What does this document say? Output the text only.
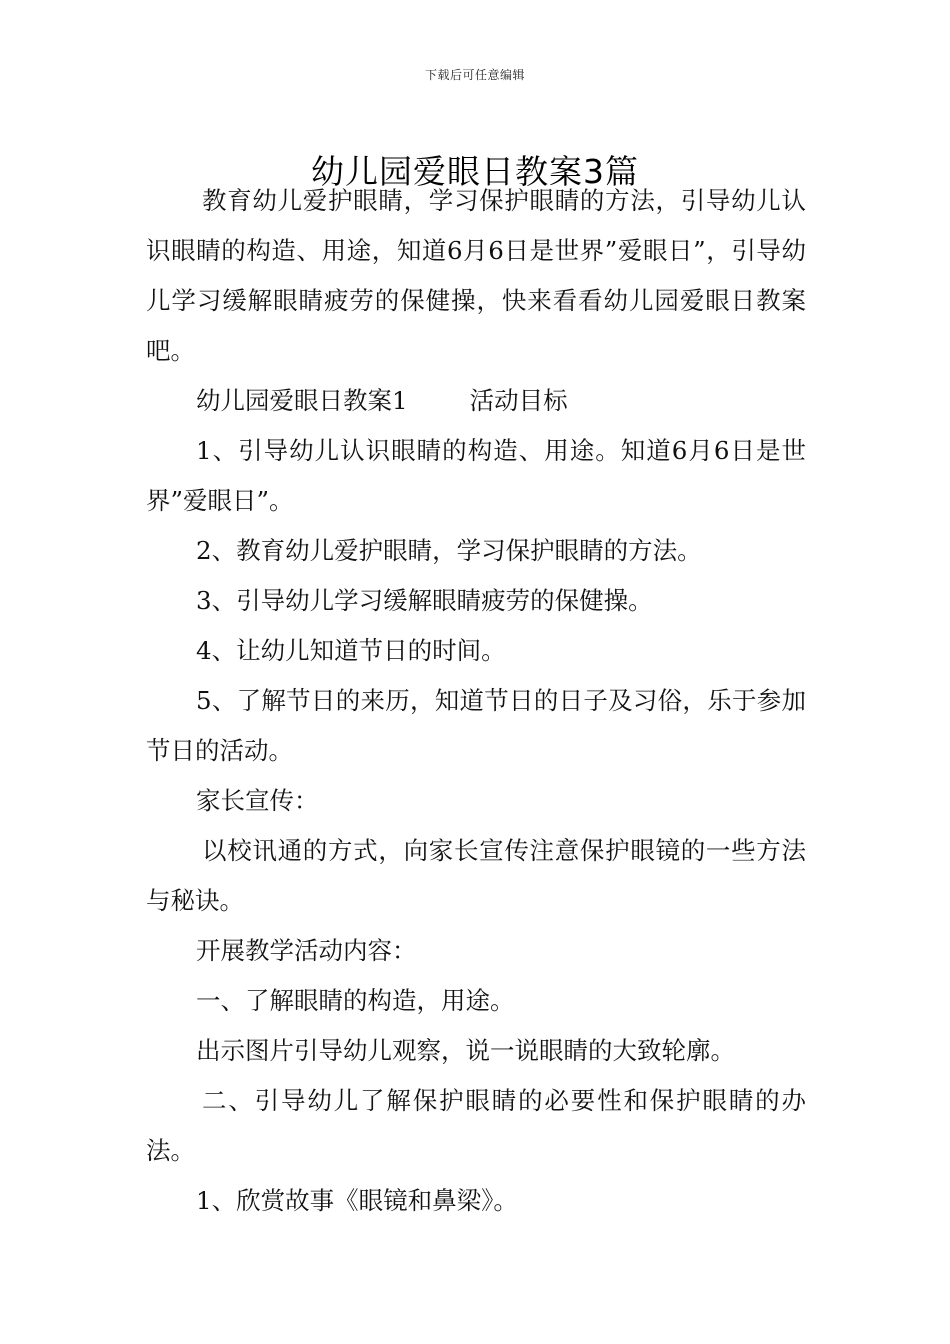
下载后可任意编辑
幼儿园爱眼日教案3篇

教育幼儿爱护眼睛，学习保护眼睛的方法，引导幼儿认识眼睛的构造、用途，知道6月6日是世界”爱眼日”，引导幼儿学习缓解眼睛疲劳的保健操，快来看看幼儿园爱眼日教案吧。

幼儿园爱眼日教案1	活动目标

1、引导幼儿认识眼睛的构造、用途。知道6月6日是世界”爱眼日”。

2、教育幼儿爱护眼睛，学习保护眼睛的方法。

3、引导幼儿学习缓解眼睛疲劳的保健操。

4、让幼儿知道节日的时间。

5、了解节日的来历，知道节日的日子及习俗，乐于参加节日的活动。

家长宣传：

以校讯通的方式，向家长宣传注意保护眼镜的一些方法与秘诀。

开展教学活动内容：

一、了解眼睛的构造，用途。

出示图片引导幼儿观察，说一说眼睛的大致轮廓。

二、引导幼儿了解保护眼睛的必要性和保护眼睛的办法。

1、欣赏故事《眼镜和鼻梁》。
